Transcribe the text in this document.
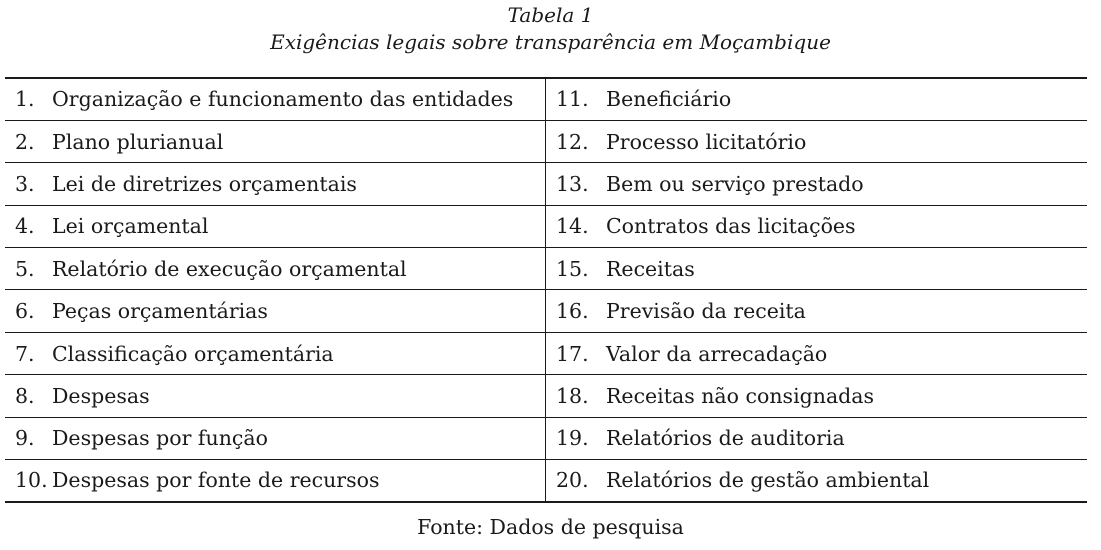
Tabela 1
Exigências legais sobre transparência em Moçambique
1. Organização e funcionamento das entidades	11. Beneficiário
2. Plano plurianual	12. Processo licitatório
3. Lei de diretrizes orçamentais	13. Bem ou serviço prestado
4. Lei orçamental	14. Contratos das licitações
5. Relatório de execução orçamental	15. Receitas
6. Peças orçamentárias	16. Previsão da receita
7. Classificação orçamentária	17. Valor da arrecadação
8. Despesas	18. Receitas não consignadas
9. Despesas por função	19. Relatórios de auditoria
10. Despesas por fonte de recursos	20. Relatórios de gestão ambiental
Fonte: Dados de pesquisa
